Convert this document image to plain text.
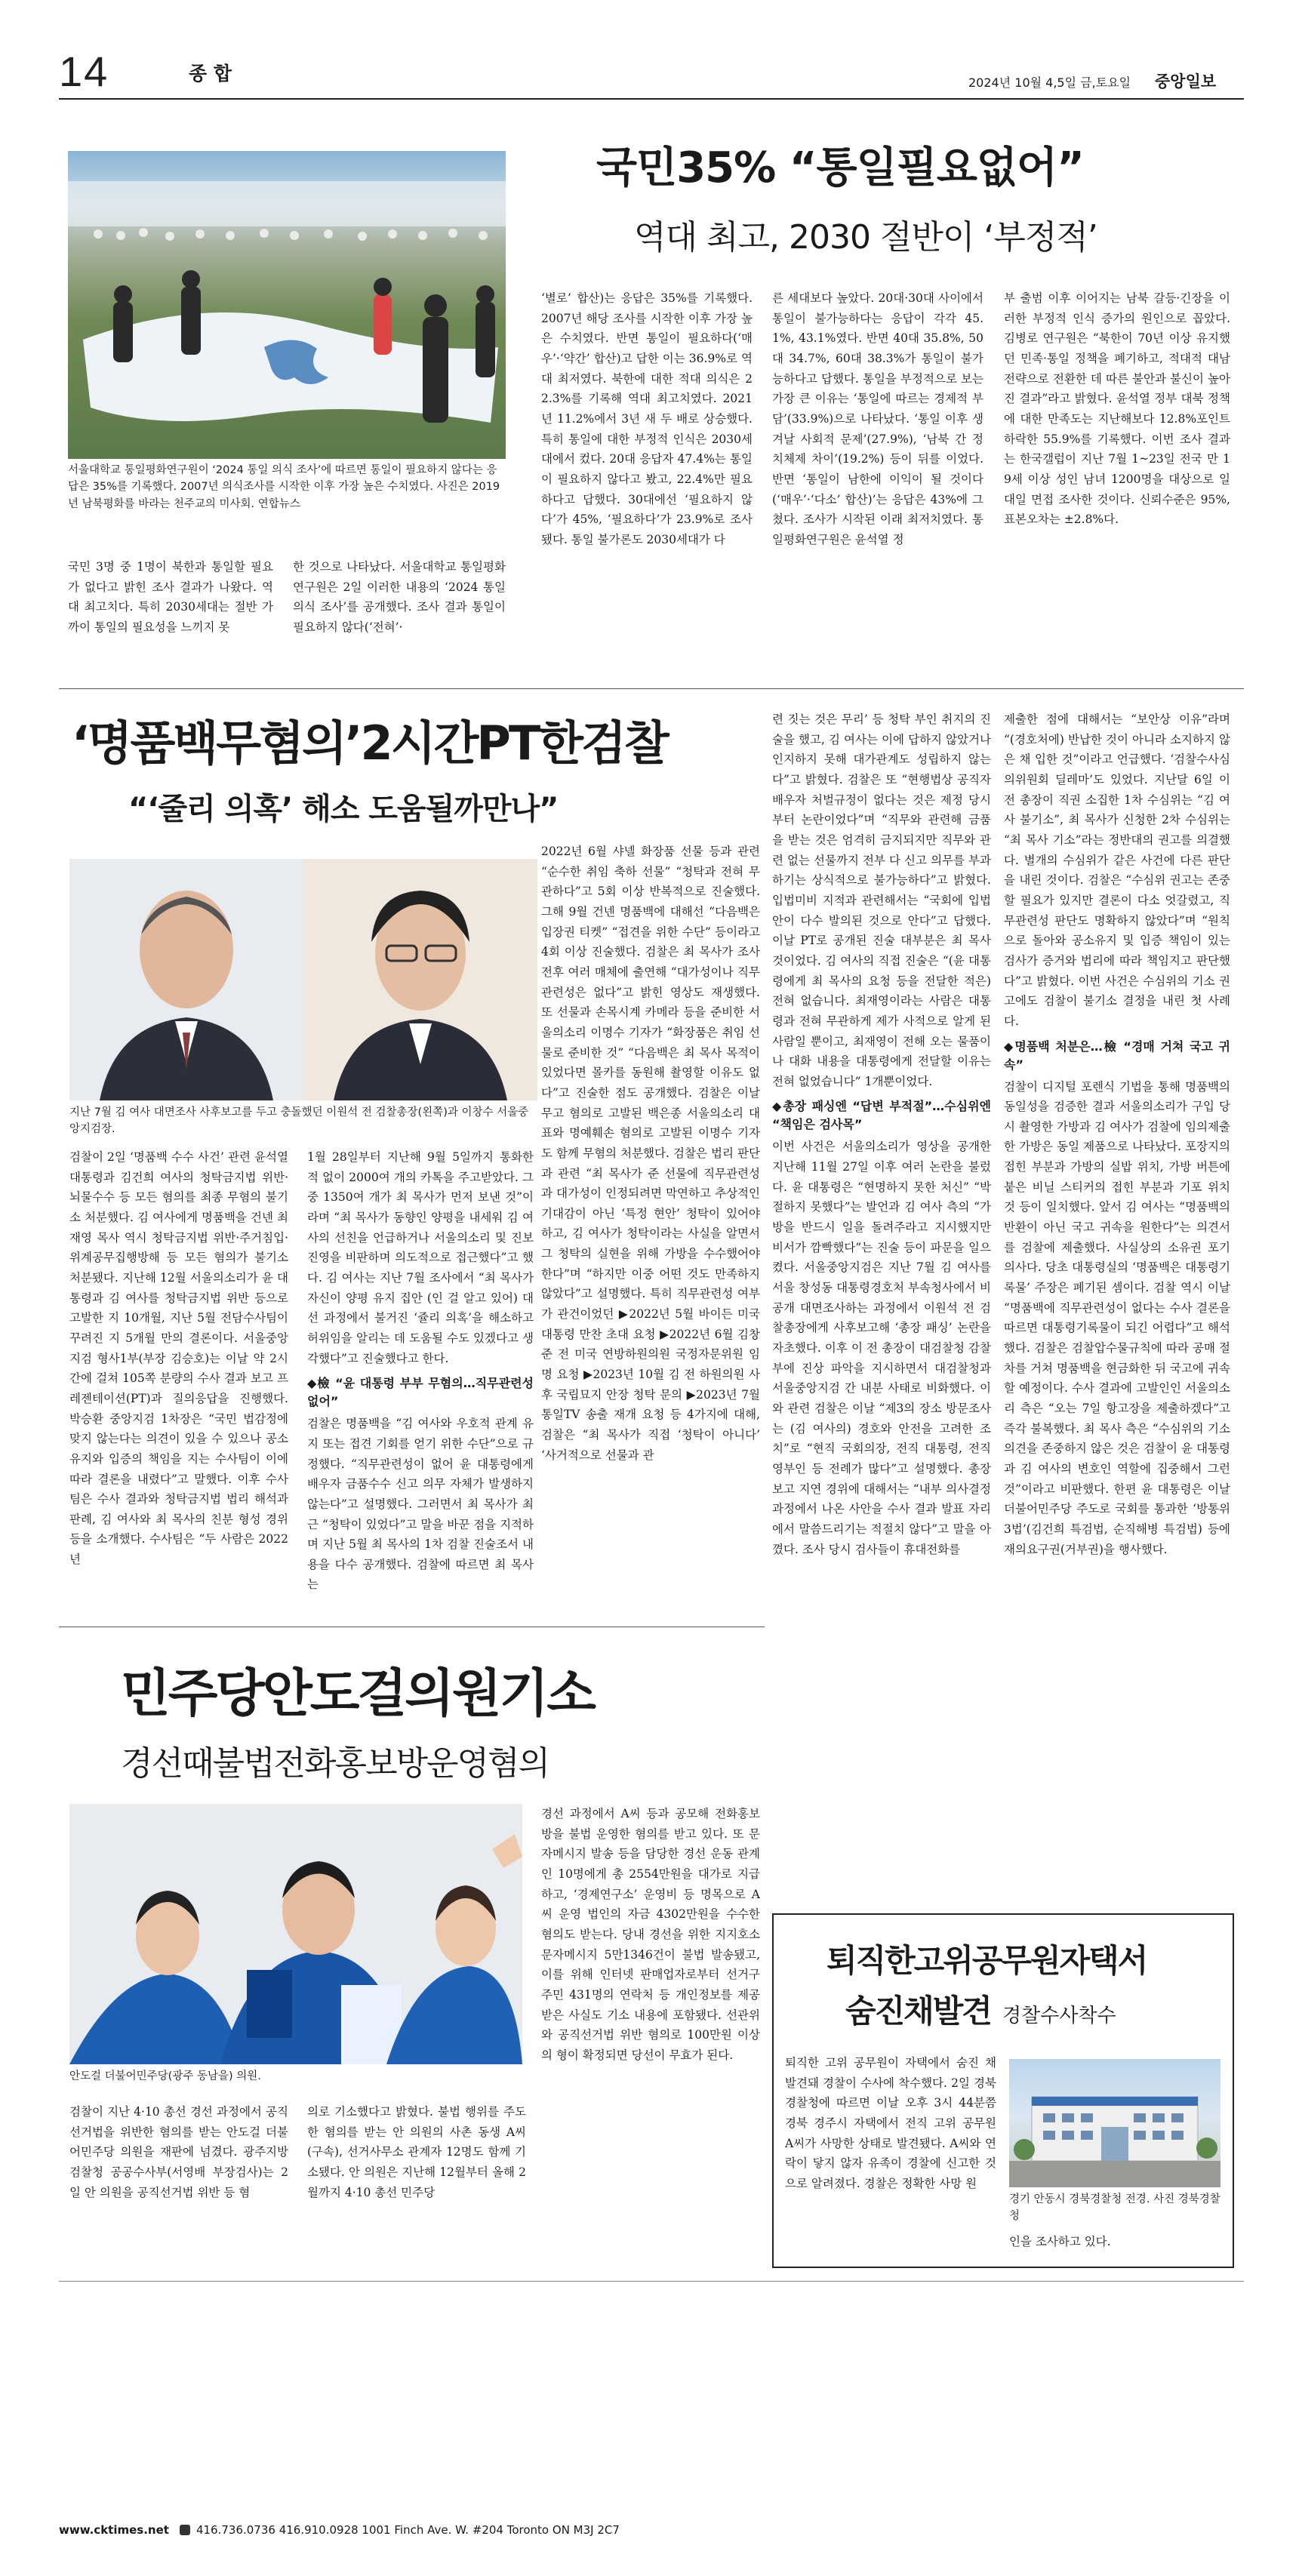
14	종 합	2024년 10월 4,5일 금,토요일 중앙일보
서울대학교 통일평화연구원이 ‘2024 통일 의식 조사’에 따르면 통일이 필요하지 않다는 응답은 35%를 기록했다. 2007년 의식조사를 시작한 이후 가장 높은 수치였다. 사진은 2019년 남북평화를 바라는 천주교의 미사회. 연합뉴스
국민35% “통일필요없어”
역대 최고, 2030 절반이 ‘부정적’
국민 3명 중 1명이 북한과 통일할 필요가 없다고 밝힌 조사 결과가 나왔다. 역대 최고치다. 특히 2030세대는 절반 가까이 통일의 필요성을 느끼지 못
한 것으로 나타났다. 서울대학교 통일평화연구원은 2일 이러한 내용의 ‘2024 통일의식 조사’를 공개했다. 조사 결과 통일이 필요하지 않다(‘전혀’·
‘별로’ 합산)는 응답은 35%를 기록했다. 2007년 해당 조사를 시작한 이후 가장 높은 수치였다. 반면 통일이 필요하다(‘매우’·‘약간’ 합산)고 답한 이는 36.9%로 역대 최저였다. 북한에 대한 적대 의식은 22.3%를 기록해 역대 최고치였다. 2021년 11.2%에서 3년 새 두 배로 상승했다. 특히 통일에 대한 부정적 인식은 2030세대에서 컸다. 20대 응답자 47.4%는 통일이 필요하지 않다고 봤고, 22.4%만 필요하다고 답했다. 30대에선 ‘필요하지 않다’가 45%, ‘필요하다’가 23.9%로 조사됐다. 통일 불가론도 2030세대가 다
른 세대보다 높았다. 20대·30대 사이에서 통일이 불가능하다는 응답이 각각 45.1%, 43.1%였다. 반면 40대 35.8%, 50대 34.7%, 60대 38.3%가 통일이 불가능하다고 답했다. 통일을 부정적으로 보는 가장 큰 이유는 ‘통일에 따르는 경제적 부담’(33.9%)으로 나타났다. ‘통일 이후 생겨날 사회적 문제’(27.9%), ‘남북 간 정치체제 차이’(19.2%) 등이 뒤를 이었다. 반면 ‘통일이 남한에 이익이 될 것이다(‘매우’·‘다소’ 합산)’는 응답은 43%에 그쳤다. 조사가 시작된 이래 최저치였다. 통일평화연구원은 윤석열 정
부 출범 이후 이어지는 남북 갈등·긴장을 이러한 부정적 인식 증가의 원인으로 꼽았다. 김병로 연구원은 “북한이 70년 이상 유지했던 민족·통일 정책을 폐기하고, 적대적 대남전략으로 전환한 데 따른 불안과 불신이 높아진 결과”라고 밝혔다. 윤석열 정부 대북 정책에 대한 만족도는 지난해보다 12.8%포인트 하락한 55.9%를 기록했다. 이번 조사 결과는 한국갤럽이 지난 7월 1~23일 전국 만 19세 이상 성인 남녀 1200명을 대상으로 일대일 면접 조사한 것이다. 신뢰수준은 95%, 표본오차는 ±2.8%다.
‘명품백무혐의’2시간PT한검찰
“‘줄리 의혹’ 해소 도움될까만나”
지난 7월 김 여사 대면조사 사후보고를 두고 충돌했던 이원석 전 검찰총장(왼쪽)과 이창수 서울중앙지검장.
검찰이 2일 ‘명품백 수수 사건’ 관련 윤석열 대통령과 김건희 여사의 청탁금지법 위반·뇌물수수 등 모든 혐의를 최종 무혐의 불기소 처분했다. 김 여사에게 명품백을 건넨 최재영 목사 역시 청탁금지법 위반·주거침입·위계공무집행방해 등 모든 혐의가 불기소 처분됐다. 지난해 12월 서울의소리가 윤 대통령과 김 여사를 청탁금지법 위반 등으로 고발한 지 10개월, 지난 5월 전담수사팀이 꾸려진 지 5개월 만의 결론이다. 서울중앙지검 형사1부(부장 김승호)는 이날 약 2시간에 걸쳐 105쪽 분량의 수사 결과 보고 프레젠테이션(PT)과 질의응답을 진행했다. 박승환 중앙지검 1차장은 “국민 법감정에 맞지 않는다는 의견이 있을 수 있으나 공소유지와 입증의 책임을 지는 수사팀이 이에 따라 결론을 내렸다”고 말했다. 이후 수사팀은 수사 결과와 청탁금지법 법리 해석과 판례, 김 여사와 최 목사의 친분 형성 경위 등을 소개했다. 수사팀은 “두 사람은 2022년

1월 28일부터 지난해 9월 5일까지 통화한 적 없이 2000여 개의 카톡을 주고받았다. 그중 1350여 개가 최 목사가 먼저 보낸 것”이라며 “최 목사가 동향인 양평을 내세워 김 여사의 선친을 언급하거나 서울의소리 및 진보 진영을 비판하며 의도적으로 접근했다”고 했다. 김 여사는 지난 7월 조사에서 “최 목사가 자신이 양평 유지 집안 (인 걸 알고 있어) 대선 과정에서 불거진 ‘쥴리 의혹’을 해소하고 허위임을 알리는 데 도움될 수도 있겠다고 생각했다”고 진술했다고 한다.

◆檢 “윤 대통령 부부 무혐의…직무관련성 없어”

검찰은 명품백을 “김 여사와 우호적 관계 유지 또는 접견 기회를 얻기 위한 수단”으로 규정했다. “직무관련성이 없어 윤 대통령에게 배우자 금품수수 신고 의무 자체가 발생하지 않는다”고 설명했다. 그러면서 최 목사가 최근 “청탁이 있었다”고 말을 바꾼 점을 지적하며 지난 5월 최 목사의 1차 검찰 진술조서 내용을 다수 공개했다. 검찰에 따르면 최 목사는

2022년 6월 샤넬 화장품 선물 등과 관련 “순수한 취임 축하 선물” “청탁과 전혀 무관하다”고 5회 이상 반복적으로 진술했다. 그해 9월 건넨 명품백에 대해선 “다음백은 입장권 티켓” “접견을 위한 수단” 등이라고 4회 이상 진술했다. 검찰은 최 목사가 조사 전후 여러 매체에 출연해 “대가성이나 직무관련성은 없다”고 밝힌 영상도 재생했다. 또 선물과 손목시계 카메라 등을 준비한 서울의소리 이명수 기자가 “화장품은 취임 선물로 준비한 것” “다음백은 최 목사 목적이 있었다면 몰카를 동원해 촬영할 이유도 없다”고 진술한 점도 공개했다. 검찰은 이날 무고 혐의로 고발된 백은종 서울의소리 대표와 명예훼손 혐의로 고발된 이명수 기자도 함께 무혐의 처분했다. 검찰은 법리 판단과 관련 “최 목사가 준 선물에 직무관련성과 대가성이 인정되려면 막연하고 추상적인 기대감이 아닌 ‘특정 현안’ 청탁이 있어야 하고, 김 여사가 청탁이라는 사실을 알면서 그 청탁의 실현을 위해 가방을 수수했어야 한다”며 “하지만 이중 어떤 것도 만족하지 않았다”고 설명했다. 특히 직무관련성 여부가 관건이었던 ▶2022년 5월 바이든 미국 대통령 만찬 초대 요청 ▶2022년 6월 김창준 전 미국 연방하원의원 국정자문위원 임명 요청 ▶2023년 10월 김 전 하원의원 사후 국립묘지 안장 청탁 문의 ▶2023년 7월 통일TV 송출 재개 요청 등 4가지에 대해, 검찰은 “최 목사가 직접 ‘청탁이 아니다’ ‘사거적으로 선물과 관

련 짓는 것은 무리’ 등 청탁 부인 취지의 진술을 했고, 김 여사는 이에 답하지 않았거나 인지하지 못해 대가관계도 성립하지 않는다”고 밝혔다. 검찰은 또 “현행법상 공직자 배우자 처벌규정이 없다는 것은 제정 당시부터 논란이었다”며 “직무와 관련해 금품을 받는 것은 엄격히 금지되지만 직무와 관련 없는 선물까지 전부 다 신고 의무를 부과하기는 상식적으로 불가능하다”고 밝혔다. 입법미비 지적과 관련해서는 “국회에 입법안이 다수 발의된 것으로 안다”고 답했다. 이날 PT로 공개된 진술 대부분은 최 목사 것이었다. 김 여사의 직접 진술은 “(윤 대통령에게 최 목사의 요청 등을 전달한 적은) 전혀 없습니다. 최재영이라는 사람은 대통령과 전혀 무관하게 제가 사적으로 알게 된 사람일 뿐이고, 최재영이 전해 오는 물품이나 대화 내용을 대통령에게 전달할 이유는 전혀 없었습니다” 1개뿐이었다.

◆총장 패싱엔 “답변 부적절”…수심위엔 “책임은 검사목”

이번 사건은 서울의소리가 영상을 공개한 지난해 11월 27일 이후 여러 논란을 불렀다. 윤 대통령은 “현명하지 못한 처신” “박절하지 못했다”는 발언과 김 여사 측의 “가방을 반드시 일을 돌려주라고 지시했지만 비서가 깜빡했다”는 진술 등이 파문을 일으켰다. 서울중앙지검은 지난 7월 김 여사를 서울 창성동 대통령경호처 부속청사에서 비공개 대면조사하는 과정에서 이원석 전 검찰총장에게 사후보고해 ‘총장 패싱’ 논란을 자초했다. 이후 이 전 총장이 대검찰청 감찰부에 진상 파악을 지시하면서 대검찰청과 서울중앙지검 간 내분 사태로 비화했다. 이와 관련 검찰은 이날 “제3의 장소 방문조사는 (김 여사의) 경호와 안전을 고려한 조치”로 “현직 국회의장, 전직 대통령, 전직 영부인 등 전례가 많다”고 설명했다. 총장 보고 지연 경위에 대해서는 “내부 의사결정 과정에서 나온 사안을 수사 결과 발표 자리에서 말씀드리기는 적절치 않다”고 말을 아꼈다. 조사 당시 검사들이 휴대전화를

제출한 점에 대해서는 “보안상 이유”라며 “(경호처에) 반납한 것이 아니라 소지하지 않은 채 입한 것”이라고 언급했다. ‘검찰수사심의위원회 딜레마’도 있었다. 지난달 6일 이 전 총장이 직권 소집한 1차 수심위는 “김 여사 불기소”, 최 목사가 신청한 2차 수심위는 “최 목사 기소”라는 정반대의 권고를 의결했다. 별개의 수심위가 같은 사건에 다른 판단을 내린 것이다. 검찰은 “수심위 권고는 존중할 필요가 있지만 결론이 다소 엇갈렸고, 직무관련성 판단도 명확하지 않았다”며 “원칙으로 돌아와 공소유지 및 입증 책임이 있는 검사가 증거와 법리에 따라 책임지고 판단했다”고 밝혔다. 이번 사건은 수심위의 기소 권고에도 검찰이 불기소 결정을 내린 첫 사례다.

◆명품백 처분은…檢 “경매 거쳐 국고 귀속”

검찰이 디지털 포렌식 기법을 통해 명품백의 동일성을 검증한 결과 서울의소리가 구입 당시 촬영한 가방과 김 여사가 검찰에 임의제출한 가방은 동일 제품으로 나타났다. 포장지의 접힌 부분과 가방의 실밥 위치, 가방 버튼에 붙은 비닐 스티커의 접힌 부분과 기포 위치 것 등이 일치했다. 앞서 김 여사는 “명품백의 반환이 아닌 국고 귀속을 원한다”는 의견서를 검찰에 제출했다. 사실상의 소유권 포기 의사다. 당초 대통령실의 ‘명품백은 대통령기록물’ 주장은 폐기된 셈이다. 검찰 역시 이날 “명품백에 직무관련성이 없다는 수사 결론을 따르면 대통령기록물이 되긴 어렵다”고 해석했다. 검찰은 검찰압수물규칙에 따라 공매 절차를 거쳐 명품백을 현금화한 뒤 국고에 귀속할 예정이다. 수사 결과에 고발인인 서울의소리 측은 “오는 7일 항고장을 제출하겠다”고 즉각 불복했다. 최 목사 측은 “수심위의 기소 의견을 존중하지 않은 것은 검찰이 윤 대통령과 김 여사의 변호인 역할에 집중해서 그런 것”이라고 비판했다. 한편 윤 대통령은 이날 더불어민주당 주도로 국회를 통과한 ‘방통위 3법’(김건희 특검법, 순직해병 특검법) 등에 재의요구권(거부권)을 행사했다.

민주당안도걸의원기소
경선때불법전화홍보방운영혐의
안도걸 더불어민주당(광주 동남을) 의원.
검찰이 지난 4·10 총선 경선 과정에서 공직선거법을 위반한 혐의를 받는 안도걸 더불어민주당 의원을 재판에 넘겼다. 광주지방검찰청 공공수사부(서영배 부장검사)는 2일 안 의원을 공직선거법 위반 등 혐
의로 기소했다고 밝혔다. 불법 행위를 주도한 혐의를 받는 안 의원의 사촌 동생 A씨(구속), 선거사무소 관계자 12명도 함께 기소됐다. 안 의원은 지난해 12월부터 올해 2월까지 4·10 총선 민주당
경선 과정에서 A씨 등과 공모해 전화홍보방을 불법 운영한 혐의를 받고 있다. 또 문자메시지 발송 등을 담당한 경선 운동 관계인 10명에게 총 2554만원을 대가로 지급하고, ‘경제연구소’ 운영비 등 명목으로 A씨 운영 법인의 자금 4302만원을 수수한 혐의도 받는다. 당내 경선을 위한 지지호소 문자메시지 5만1346건이 불법 발송됐고, 이를 위해 인터넷 판매업자로부터 선거구 주민 431명의 연락처 등 개인정보를 제공받은 사실도 기소 내용에 포함됐다. 선관위와 공직선거법 위반 혐의로 100만원 이상의 형이 확정되면 당선이 무효가 된다.
퇴직한고위공무원자택서
숨진채발견 경찰수사착수
퇴직한 고위 공무원이 자택에서 숨진 채 발견돼 경찰이 수사에 착수했다. 2일 경북경찰청에 따르면 이날 오후 3시 44분쯤 경북 경주시 자택에서 전직 고위 공무원 A씨가 사망한 상태로 발견됐다. A씨와 연락이 닿지 않자 유족이 경찰에 신고한 것으로 알려졌다. 경찰은 정확한 사망 원
경기 안동시 경북경찰청 전경. 사진 경북경찰청
인을 조사하고 있다.
www.cktimes.net 416.736.0736 416.910.0928 1001 Finch Ave. W. #204 Toronto ON M3J 2C7
